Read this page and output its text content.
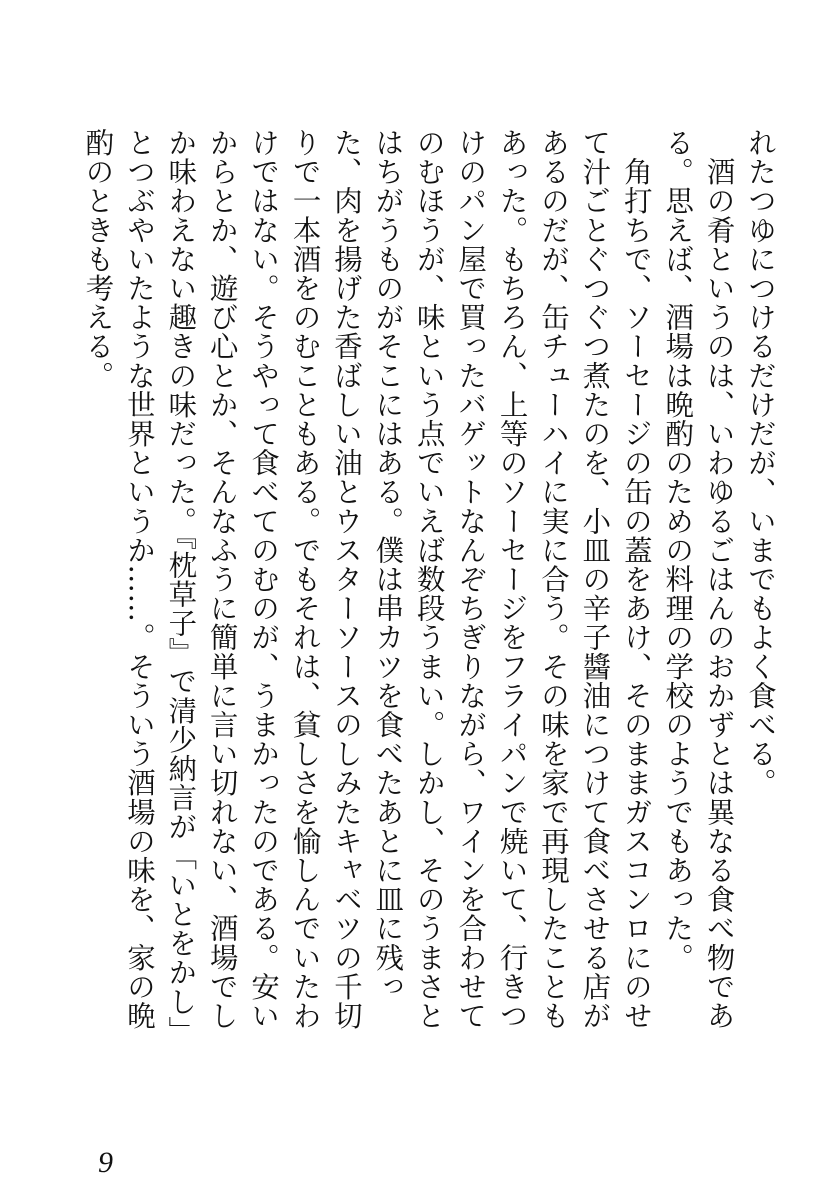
れたつゆにつけるだけだが、いまでもよく食べる。

　酒の肴というのは、いわゆるごはんのおかずとは異なる食べ物である。思えば、酒場は晩酌のための料理の学校のようでもあった。

　角打ちで、ソーセージの缶の蓋をあけ、そのままガスコンロにのせて汁ごとぐつぐつ煮たのを、小皿の辛子醬油につけて食べさせる店があるのだが、缶チューハイに実に合う。その味を家で再現したこともあった。もちろん、上等のソーセージをフライパンで焼いて、行きつけのパン屋で買ったバゲットなんぞちぎりながら、ワインを合わせてのむほうが、味という点でいえば数段うまい。しかし、そのうまさとはちがうものがそこにはある。僕は串カツを食べたあとに皿に残った、肉を揚げた香ばしい油とウスターソースのしみたキャベツの千切りで一本酒をのむこともある。でもそれは、貧しさを愉しんでいたわけではない。そうやって食べてのむのが、うまかったのである。安いからとか、遊び心とか、そんなふうに簡単に言い切れない、酒場でしか味わえない趣きの味だった。『枕草子』で清少納言が「いとをかし」とつぶやいたような世界というか……。そういう酒場の味を、家の晩酌のときも考える。

9
